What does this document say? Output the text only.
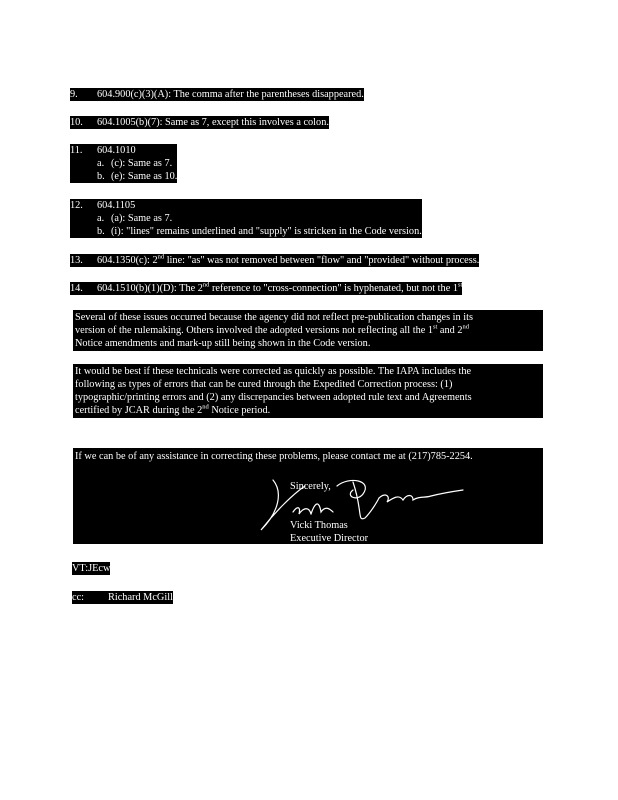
9. 604.900(c)(3)(A): The comma after the parentheses disappeared.
10. 604.1005(b)(7): Same as 7, except this involves a colon.
11. 604.1010
a. (c): Same as 7.
b. (e): Same as 10.
12. 604.1105
a. (a): Same as 7.
b. (i): "lines" remains underlined and "supply" is stricken in the Code version.
13. 604.1350(c): 2nd line: "as" was not removed between "flow" and "provided" without process.
14. 604.1510(b)(1)(D): The 2nd reference to "cross-connection" is hyphenated, but not the 1st
Several of these issues occurred because the agency did not reflect pre-publication changes in its
version of the rulemaking. Others involved the adopted versions not reflecting all the 1st and 2nd
Notice amendments and mark-up still being shown in the Code version.
It would be best if these technicals were corrected as quickly as possible. The IAPA includes the
following as types of errors that can be cured through the Expedited Correction process: (1)
typographic/printing errors and (2) any discrepancies between adopted rule text and Agreements
certified by JCAR during the 2nd Notice period.
If we can be of any assistance in correcting these problems, please contact me at (217)785-2254.
Sincerely,
Vicki Thomas
Executive Director
VT:JEcw
cc: Richard McGill
